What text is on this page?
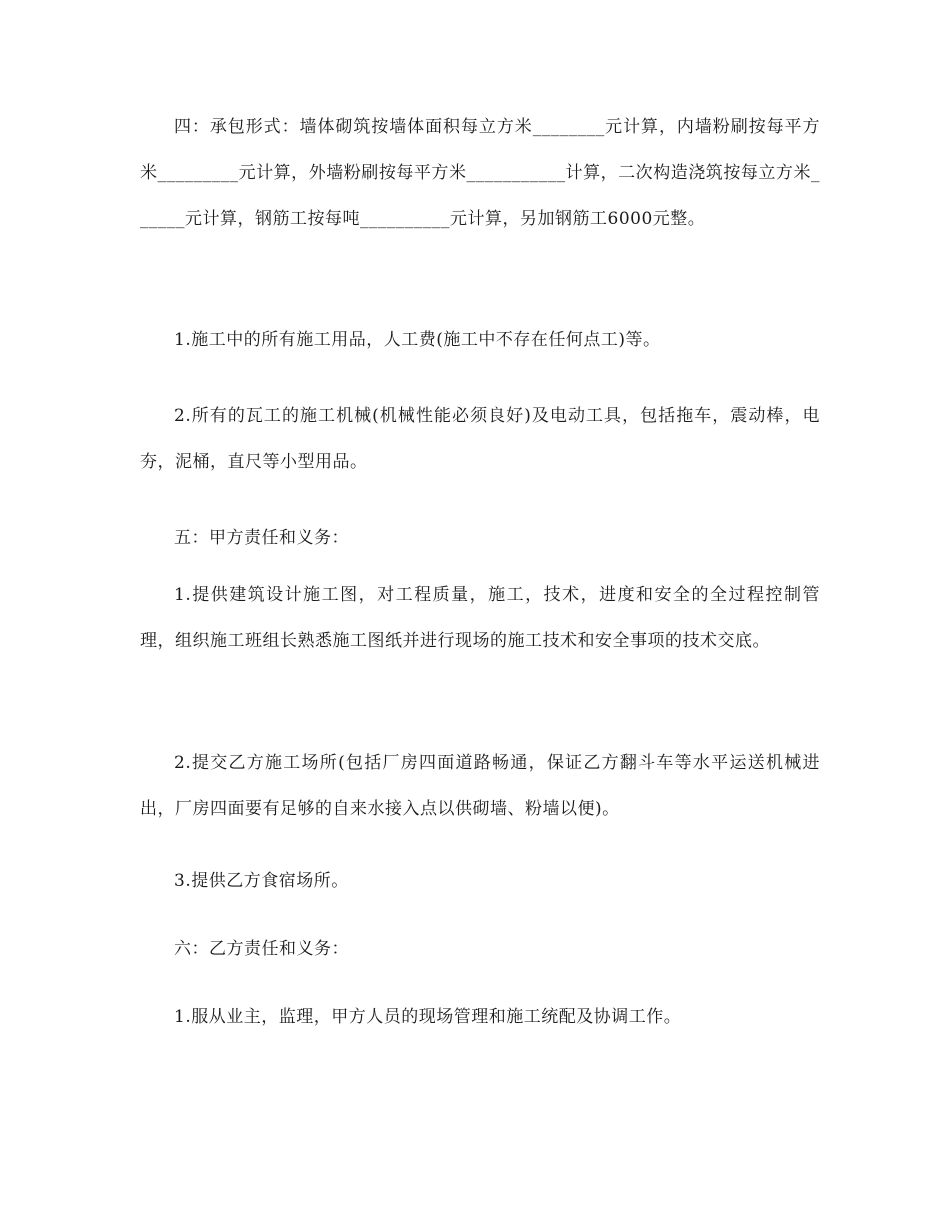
四：承包形式：墙体砌筑按墙体面积每立方米________元计算，内墙粉刷按每平方米_________元计算，外墙粉刷按每平方米___________计算，二次构造浇筑按每立方米______元计算，钢筋工按每吨__________元计算，另加钢筋工6000元整。

1.施工中的所有施工用品，人工费(施工中不存在任何点工)等。

2.所有的瓦工的施工机械(机械性能必须良好)及电动工具，包括拖车，震动棒，电夯，泥桶，直尺等小型用品。

五：甲方责任和义务：

1.提供建筑设计施工图，对工程质量，施工，技术，进度和安全的全过程控制管理，组织施工班组长熟悉施工图纸并进行现场的施工技术和安全事项的技术交底。

2.提交乙方施工场所(包括厂房四面道路畅通，保证乙方翻斗车等水平运送机械进出，厂房四面要有足够的自来水接入点以供砌墙、粉墙以便)。

3.提供乙方食宿场所。

六：乙方责任和义务：

1.服从业主，监理，甲方人员的现场管理和施工统配及协调工作。
